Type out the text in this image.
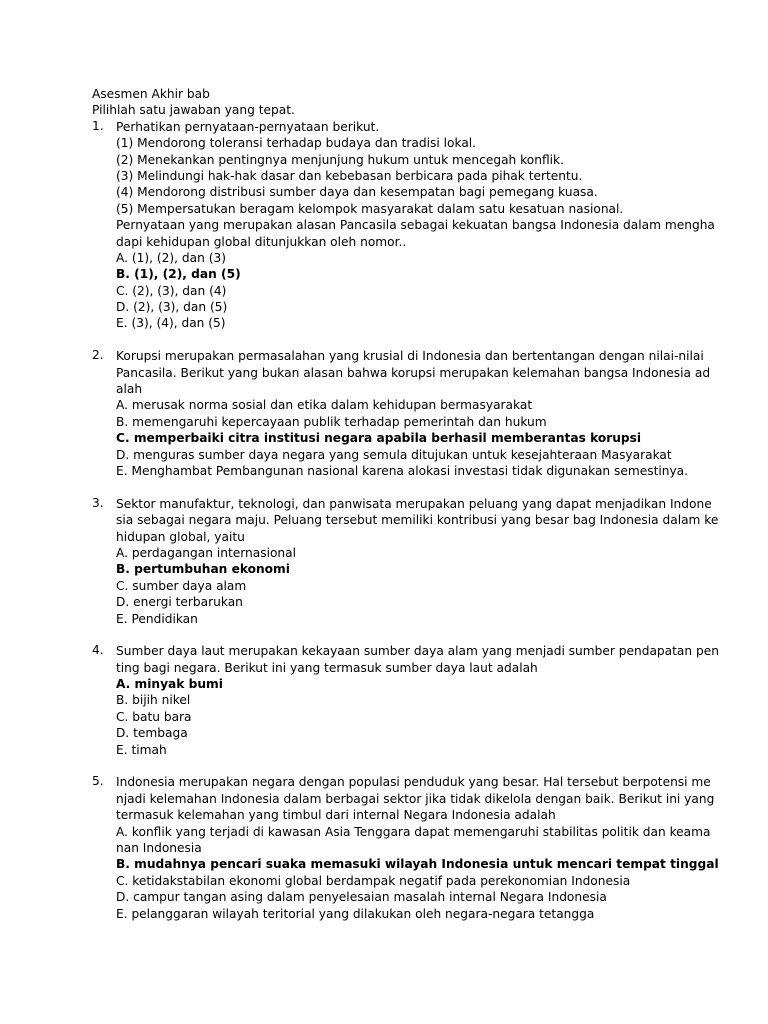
Asesmen Akhir bab
Pilihlah satu jawaban yang tepat.
1.	Perhatikan pernyataan-pernyataan berikut.
(1) Mendorong toleransi terhadap budaya dan tradisi lokal.
(2) Menekankan pentingnya menjunjung hukum untuk mencegah konflik.
(3) Melindungi hak-hak dasar dan kebebasan berbicara pada pihak tertentu.
(4) Mendorong distribusi sumber daya dan kesempatan bagi pemegang kuasa.
(5) Mempersatukan beragam kelompok masyarakat dalam satu kesatuan nasional.
Pernyataan yang merupakan alasan Pancasila sebagai kekuatan bangsa Indonesia dalam mengha
dapi kehidupan global ditunjukkan oleh nomor..
A. (1), (2), dan (3)
B. (1), (2), dan (5)
C. (2), (3), dan (4)
D. (2), (3), dan (5)
E. (3), (4), dan (5)
2.	Korupsi merupakan permasalahan yang krusial di Indonesia dan bertentangan dengan nilai-nilai
Pancasila. Berikut yang bukan alasan bahwa korupsi merupakan kelemahan bangsa Indonesia ad
alah
A. merusak norma sosial dan etika dalam kehidupan bermasyarakat
B. memengaruhi kepercayaan publik terhadap pemerintah dan hukum
C. memperbaiki citra institusi negara apabila berhasil memberantas korupsi
D. menguras sumber daya negara yang semula ditujukan untuk kesejahteraan Masyarakat
E. Menghambat Pembangunan nasional karena alokasi investasi tidak digunakan semestinya.
3.	Sektor manufaktur, teknologi, dan panwisata merupakan peluang yang dapat menjadikan Indone
sia sebagai negara maju. Peluang tersebut memiliki kontribusi yang besar bag Indonesia dalam ke
hidupan global, yaitu
A. perdagangan internasional
B. pertumbuhan ekonomi
C. sumber daya alam
D. energi terbarukan
E. Pendidikan
4.	Sumber daya laut merupakan kekayaan sumber daya alam yang menjadi sumber pendapatan pen
ting bagi negara. Berikut ini yang termasuk sumber daya laut adalah
A. minyak bumi
B. bijih nikel
C. batu bara
D. tembaga
E. timah
5.	Indonesia merupakan negara dengan populasi penduduk yang besar. Hal tersebut berpotensi me
njadi kelemahan Indonesia dalam berbagai sektor jika tidak dikelola dengan baik. Berikut ini yang
termasuk kelemahan yang timbul dari internal Negara Indonesia adalah
A. konflik yang terjadi di kawasan Asia Tenggara dapat memengaruhi stabilitas politik dan keama
nan Indonesia
B. mudahnya pencari suaka memasuki wilayah Indonesia untuk mencari tempat tinggal
C. ketidakstabilan ekonomi global berdampak negatif pada perekonomian Indonesia
D. campur tangan asing dalam penyelesaian masalah internal Negara Indonesia
E. pelanggaran wilayah teritorial yang dilakukan oleh negara-negara tetangga
